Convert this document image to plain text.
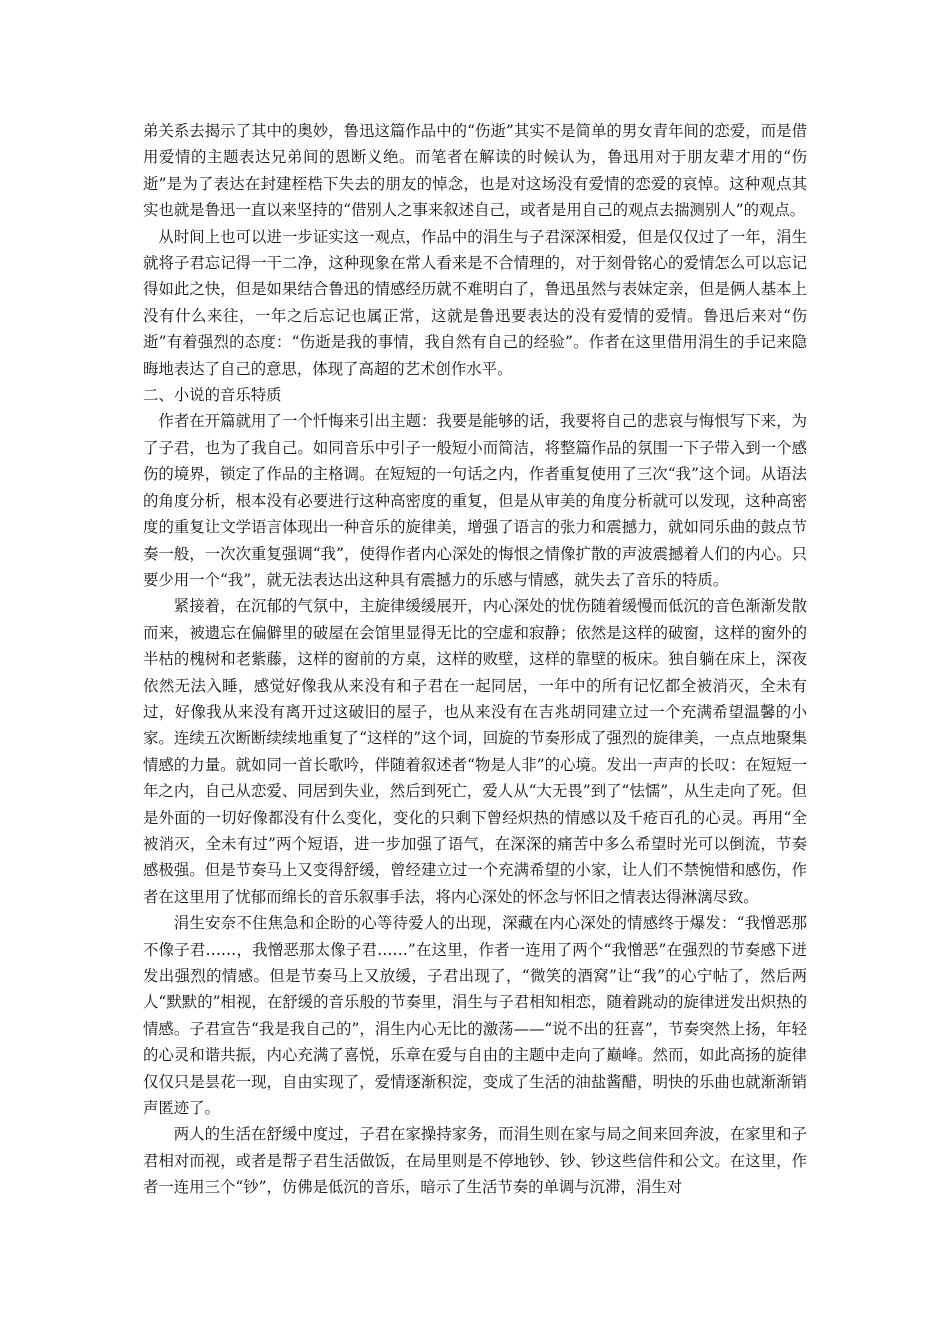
弟关系去揭示了其中的奥妙，鲁迅这篇作品中的“伤逝”其实不是简单的男女青年间的恋爱，而是借用爱情的主题表达兄弟间的恩断义绝。而笔者在解读的时候认为，鲁迅用对于朋友辈才用的“伤逝”是为了表达在封建桎梏下失去的朋友的悼念，也是对这场没有爱情的恋爱的哀悼。这种观点其实也就是鲁迅一直以来坚持的“借别人之事来叙述自己，或者是用自己的观点去揣测别人”的观点。

从时间上也可以进一步证实这一观点，作品中的涓生与子君深深相爱，但是仅仅过了一年，涓生就将子君忘记得一干二净，这种现象在常人看来是不合情理的，对于刻骨铭心的爱情怎么可以忘记得如此之快，但是如果结合鲁迅的情感经历就不难明白了，鲁迅虽然与表妹定亲，但是俩人基本上没有什么来往，一年之后忘记也属正常，这就是鲁迅要表达的没有爱情的爱情。鲁迅后来对“伤逝”有着强烈的态度：“伤逝是我的事情，我自然有自己的经验”。作者在这里借用涓生的手记来隐晦地表达了自己的意思，体现了高超的艺术创作水平。

二、小说的音乐特质

作者在开篇就用了一个忏悔来引出主题：我要是能够的话，我要将自己的悲哀与悔恨写下来，为了子君，也为了我自己。如同音乐中引子一般短小而简洁，将整篇作品的氛围一下子带入到一个感伤的境界，锁定了作品的主格调。在短短的一句话之内，作者重复使用了三次“我”这个词。从语法的角度分析，根本没有必要进行这种高密度的重复，但是从审美的角度分析就可以发现，这种高密度的重复让文学语言体现出一种音乐的旋律美，增强了语言的张力和震撼力，就如同乐曲的鼓点节奏一般，一次次重复强调“我”，使得作者内心深处的悔恨之情像扩散的声波震撼着人们的内心。只要少用一个“我”，就无法表达出这种具有震撼力的乐感与情感，就失去了音乐的特质。

紧接着，在沉郁的气氛中，主旋律缓缓展开，内心深处的忧伤随着缓慢而低沉的音色渐渐发散而来，被遗忘在偏僻里的破屋在会馆里显得无比的空虚和寂静；依然是这样的破窗，这样的窗外的半枯的槐树和老紫藤，这样的窗前的方桌，这样的败壁，这样的靠壁的板床。独自躺在床上，深夜依然无法入睡，感觉好像我从来没有和子君在一起同居，一年中的所有记忆都全被消灭，全未有过，好像我从来没有离开过这破旧的屋子，也从来没有在吉兆胡同建立过一个充满希望温馨的小家。连续五次断断续续地重复了“这样的”这个词，回旋的节奏形成了强烈的旋律美，一点点地聚集情感的力量。就如同一首长歌吟，伴随着叙述者“物是人非”的心境。发出一声声的长叹：在短短一年之内，自己从恋爱、同居到失业，然后到死亡，爱人从“大无畏”到了“怯懦”，从生走向了死。但是外面的一切好像都没有什么变化，变化的只剩下曾经炽热的情感以及千疮百孔的心灵。再用“全被消灭，全未有过”两个短语，进一步加强了语气，在深深的痛苦中多么希望时光可以倒流，节奏感极强。但是节奏马上又变得舒缓，曾经建立过一个充满希望的小家，让人们不禁惋惜和感伤，作者在这里用了忧郁而绵长的音乐叙事手法，将内心深处的怀念与怀旧之情表达得淋漓尽致。

涓生安奈不住焦急和企盼的心等待爱人的出现，深藏在内心深处的情感终于爆发：“我憎恶那不像子君……，我憎恶那太像子君……”在这里，作者一连用了两个“我憎恶”在强烈的节奏感下迸发出强烈的情感。但是节奏马上又放缓，子君出现了，“微笑的酒窝”让“我”的心宁帖了，然后两人“默默的”相视，在舒缓的音乐般的节奏里，涓生与子君相知相恋，随着跳动的旋律迸发出炽热的情感。子君宣告“我是我自己的”，涓生内心无比的激荡——“说不出的狂喜”，节奏突然上扬，年轻的心灵和谐共振，内心充满了喜悦，乐章在爱与自由的主题中走向了巅峰。然而，如此高扬的旋律仅仅只是昙花一现，自由实现了，爱情逐渐积淀，变成了生活的油盐酱醋，明快的乐曲也就渐渐销声匿迹了。

两人的生活在舒缓中度过，子君在家操持家务，而涓生则在家与局之间来回奔波，在家里和子君相对而视，或者是帮子君生活做饭，在局里则是不停地钞、钞、钞这些信件和公文。在这里，作者一连用三个“钞”，仿佛是低沉的音乐，暗示了生活节奏的单调与沉滞，涓生对
